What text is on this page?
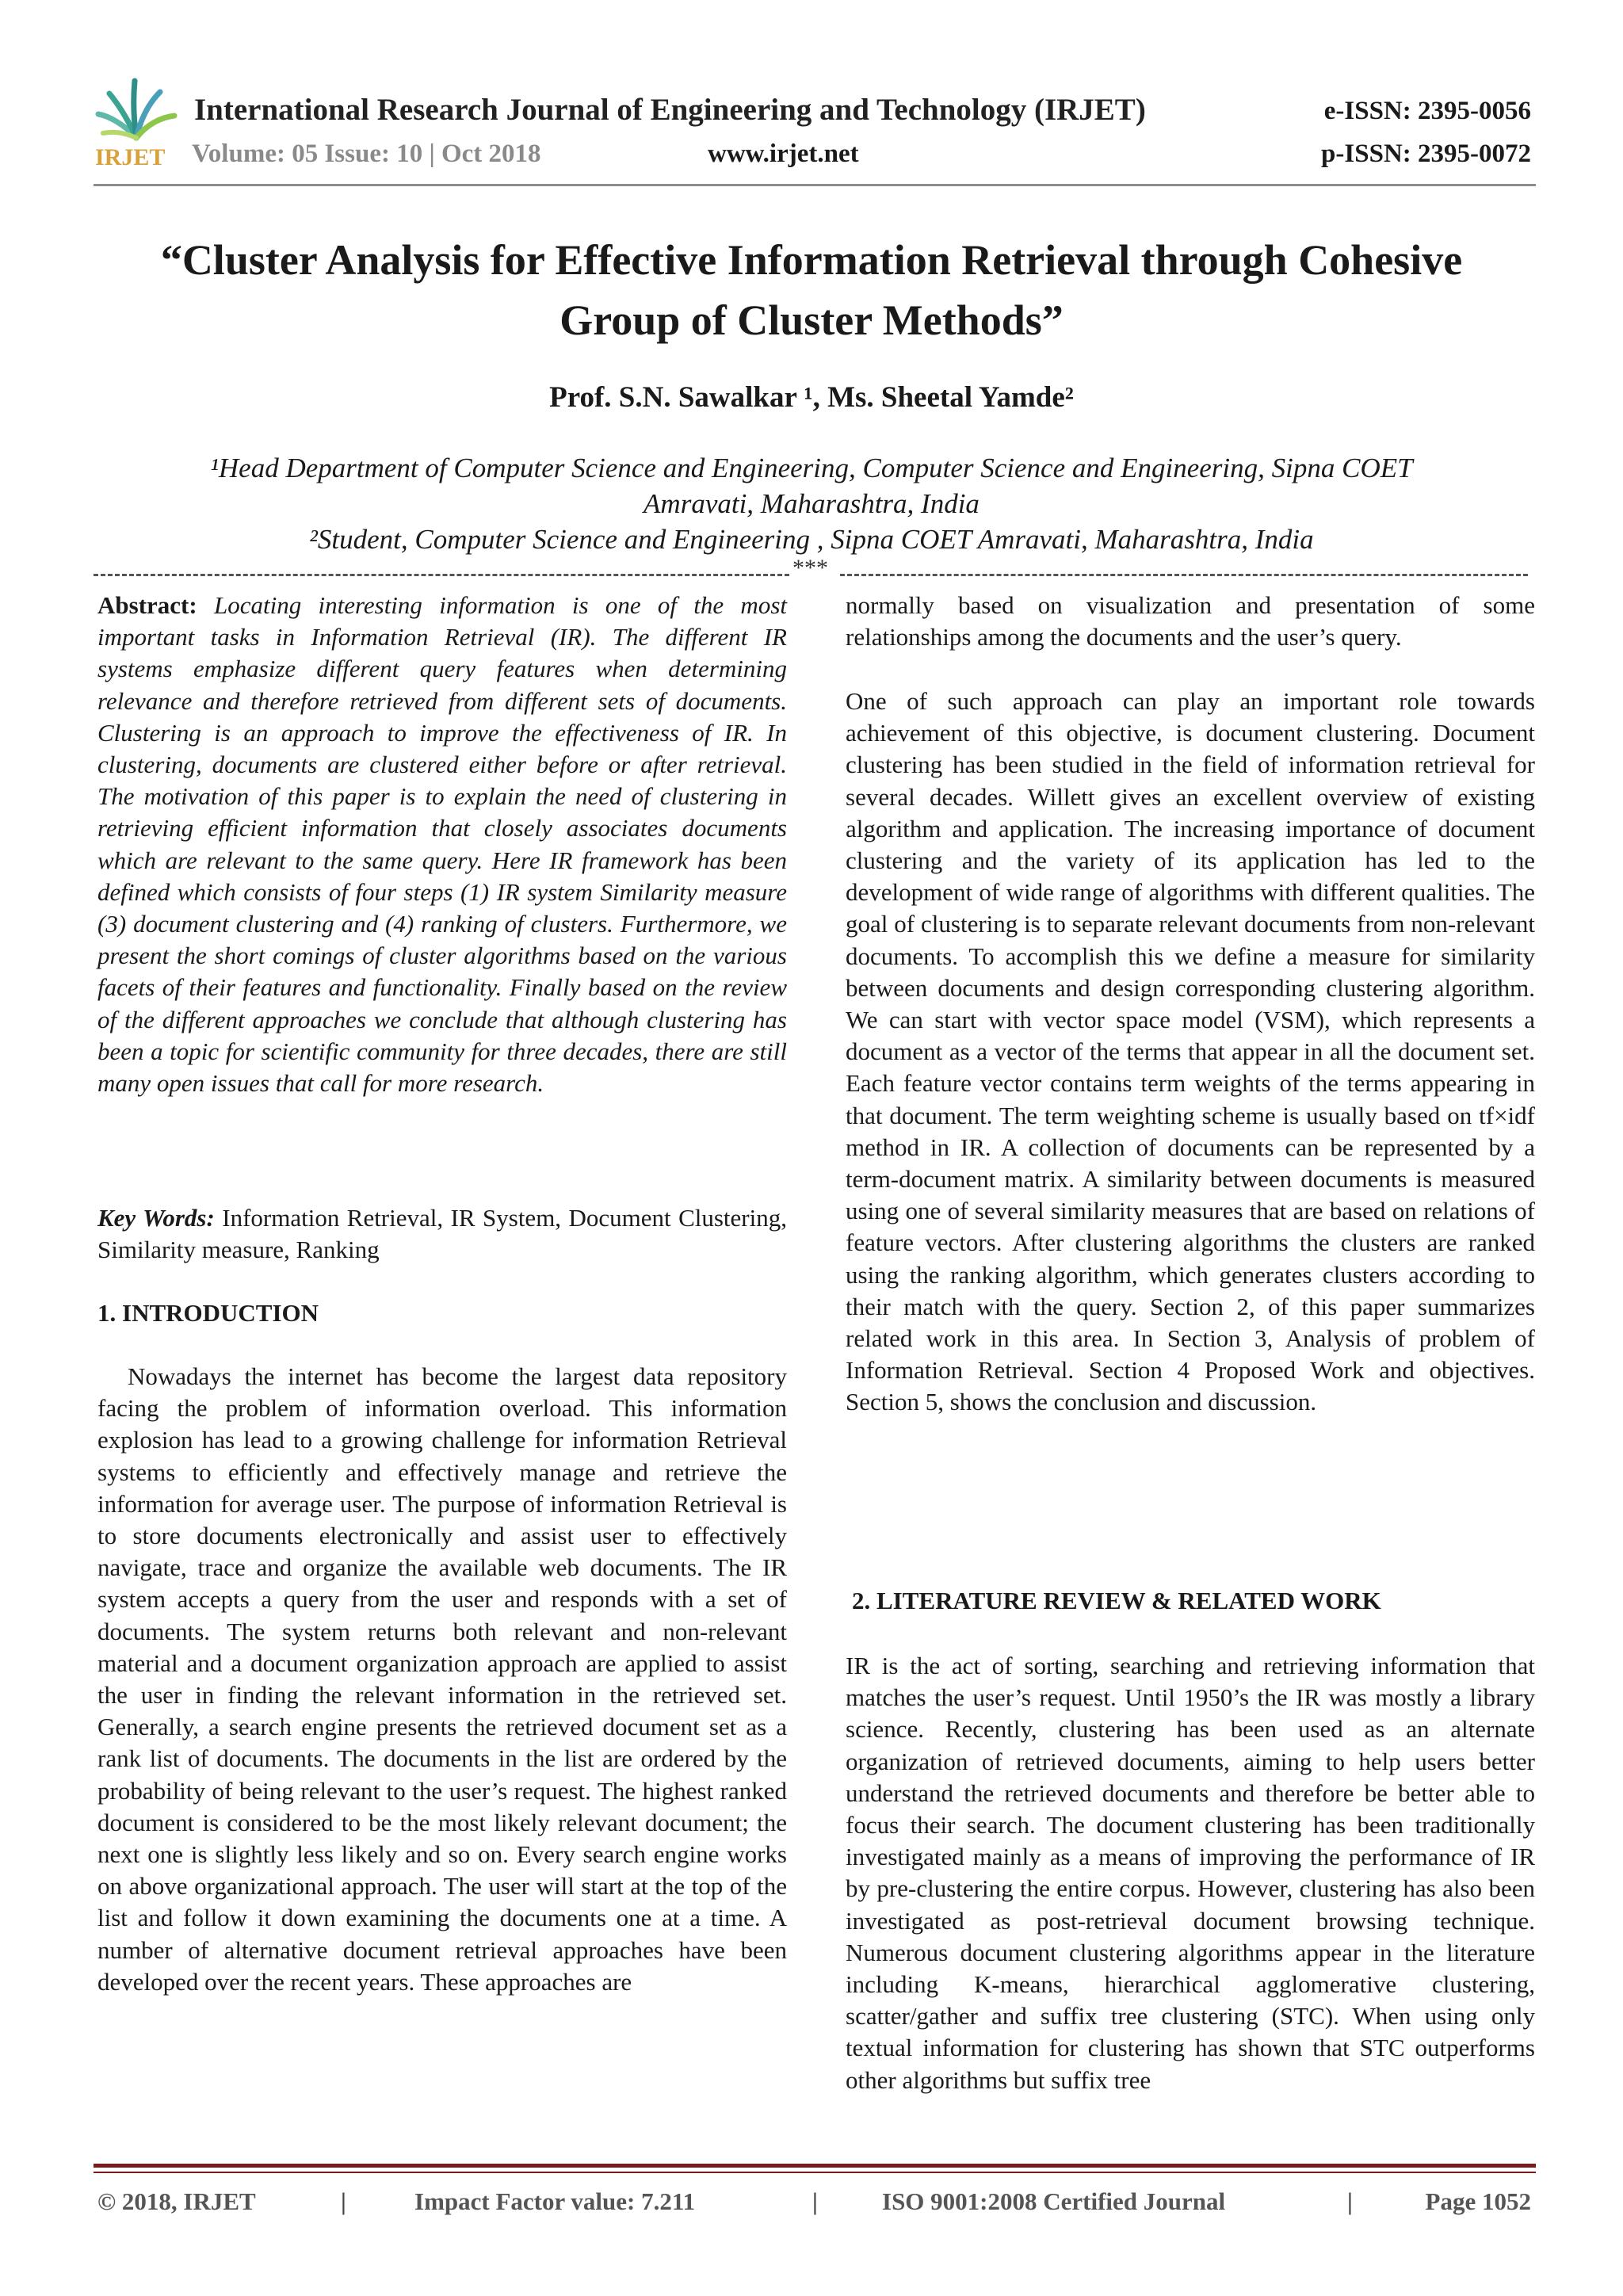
IRJET
International Research Journal of Engineering and Technology (IRJET)
Volume: 05 Issue: 10 | Oct 2018	www.irjet.net
e-ISSN: 2395-0056
p-ISSN: 2395-0072
“Cluster Analysis for Effective Information Retrieval through Cohesive
Group of Cluster Methods”
Prof. S.N. Sawalkar ¹, Ms. Sheetal Yamde²
¹Head Department of Computer Science and Engineering, Computer Science and Engineering, Sipna COET
Amravati, Maharashtra, India
²Student, Computer Science and Engineering , Sipna COET Amravati, Maharashtra, India
***

Abstract: Locating interesting information is one of the most important tasks in Information Retrieval (IR). The different IR systems emphasize different query features when determining relevance and therefore retrieved from different sets of documents. Clustering is an approach to improve the effectiveness of IR. In clustering, documents are clustered either before or after retrieval. The motivation of this paper is to explain the need of clustering in retrieving efficient information that closely associates documents which are relevant to the same query. Here IR framework has been defined which consists of four steps (1) IR system Similarity measure (3) document clustering and (4) ranking of clusters. Furthermore, we present the short comings of cluster algorithms based on the various facets of their features and functionality. Finally based on the review of the different approaches we conclude that although clustering has been a topic for scientific community for three decades, there are still many open issues that call for more research.

Key Words: Information Retrieval, IR System, Document Clustering, Similarity measure, Ranking

1. INTRODUCTION

Nowadays the internet has become the largest data repository facing the problem of information overload. This information explosion has lead to a growing challenge for information Retrieval systems to efficiently and effectively manage and retrieve the information for average user. The purpose of information Retrieval is to store documents electronically and assist user to effectively navigate, trace and organize the available web documents. The IR system accepts a query from the user and responds with a set of documents. The system returns both relevant and non-relevant material and a document organization approach are applied to assist the user in finding the relevant information in the retrieved set. Generally, a search engine presents the retrieved document set as a rank list of documents. The documents in the list are ordered by the probability of being relevant to the user’s request. The highest ranked document is considered to be the most likely relevant document; the next one is slightly less likely and so on. Every search engine works on above organizational approach. The user will start at the top of the list and follow it down examining the documents one at a time. A number of alternative document retrieval approaches have been developed over the recent years. These approaches are

normally based on visualization and presentation of some relationships among the documents and the user’s query.

One of such approach can play an important role towards achievement of this objective, is document clustering. Document clustering has been studied in the field of information retrieval for several decades. Willett gives an excellent overview of existing algorithm and application. The increasing importance of document clustering and the variety of its application has led to the development of wide range of algorithms with different qualities. The goal of clustering is to separate relevant documents from non-relevant documents. To accomplish this we define a measure for similarity between documents and design corresponding clustering algorithm. We can start with vector space model (VSM), which represents a document as a vector of the terms that appear in all the document set. Each feature vector contains term weights of the terms appearing in that document. The term weighting scheme is usually based on tf×idf method in IR. A collection of documents can be represented by a term-document matrix. A similarity between documents is measured using one of several similarity measures that are based on relations of feature vectors. After clustering algorithms the clusters are ranked using the ranking algorithm, which generates clusters according to their match with the query. Section 2, of this paper summarizes related work in this area. In Section 3, Analysis of problem of Information Retrieval. Section 4 Proposed Work and objectives. Section 5, shows the conclusion and discussion.

2. LITERATURE REVIEW & RELATED WORK

IR is the act of sorting, searching and retrieving information that matches the user’s request. Until 1950’s the IR was mostly a library science. Recently, clustering has been used as an alternate organization of retrieved documents, aiming to help users better understand the retrieved documents and therefore be better able to focus their search. The document clustering has been traditionally investigated mainly as a means of improving the performance of IR by pre-clustering the entire corpus. However, clustering has also been investigated as post-retrieval document browsing technique. Numerous document clustering algorithms appear in the literature including K-means, hierarchical agglomerative clustering, scatter/gather and suffix tree clustering (STC). When using only textual information for clustering has shown that STC outperforms other algorithms but suffix tree

© 2018, IRJET	|	Impact Factor value: 7.211	|	ISO 9001:2008 Certified Journal	|	Page 1052
